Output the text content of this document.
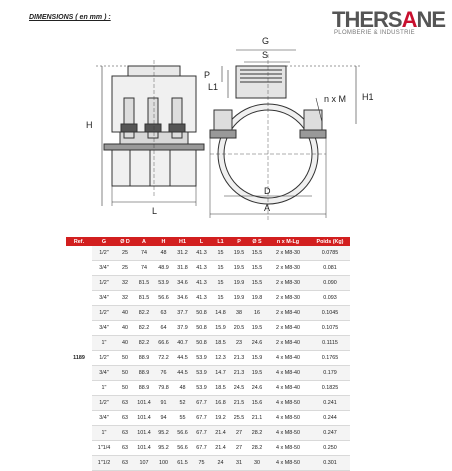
DIMENSIONS ( en mm ) :	THERSANE
PLOMBERIE & INDUSTRIE
H
L
P
L1
G
S
n x M H1
D
A
Ref.	G	Ø D	A	H	H1	L	L1	P	Ø S	n x M-Lg	Poids (Kg)
1189	1/2"	25	74	48	31.2	41.3	15	19.5	15.5	2 x M8-30	0.0785
	3/4"	25	74	48.9	31.8	41.3	15	19.5	15.5	2 x M8-30	0.081
	1/2"	32	81.5	53.9	34.6	41.3	15	19.9	15.5	2 x M8-30	0.090
	3/4"	32	81.5	56.6	34.6	41.3	15	19.9	19.8	2 x M8-30	0.093
	1/2"	40	82.2	63	37.7	50.8	14.8	38	16	2 x M8-40	0.1045
	3/4"	40	82.2	64	37.9	50.8	15.9	20.5	19.5	2 x M8-40	0.1075
	1"	40	82.2	66.6	40.7	50.8	18.5	23	24.6	2 x M8-40	0.1115
	1/2"	50	88.9	72.2	44.5	53.9	12.3	21.3	15.9	4 x M8-40	0.1765
	3/4"	50	88.9	76	44.5	53.9	14.7	21.3	19.5	4 x M8-40	0.179
	1"	50	88.9	79.8	48	53.9	18.5	24.5	24.6	4 x M8-40	0.1825
	1/2"	63	101.4	91	52	67.7	16.8	21.5	15.6	4 x M8-50	0.241
	3/4"	63	101.4	94	55	67.7	19.2	25.5	21.1	4 x M8-50	0.244
	1"	63	101.4	95.2	56.6	67.7	21.4	27	28.2	4 x M8-50	0.247
	1"1/4	63	101.4	95.2	56.6	67.7	21.4	27	28.2	4 x M8-50	0.250
	1"1/2	63	107	100	61.5	75	24	31	30	4 x M8-50	0.301
